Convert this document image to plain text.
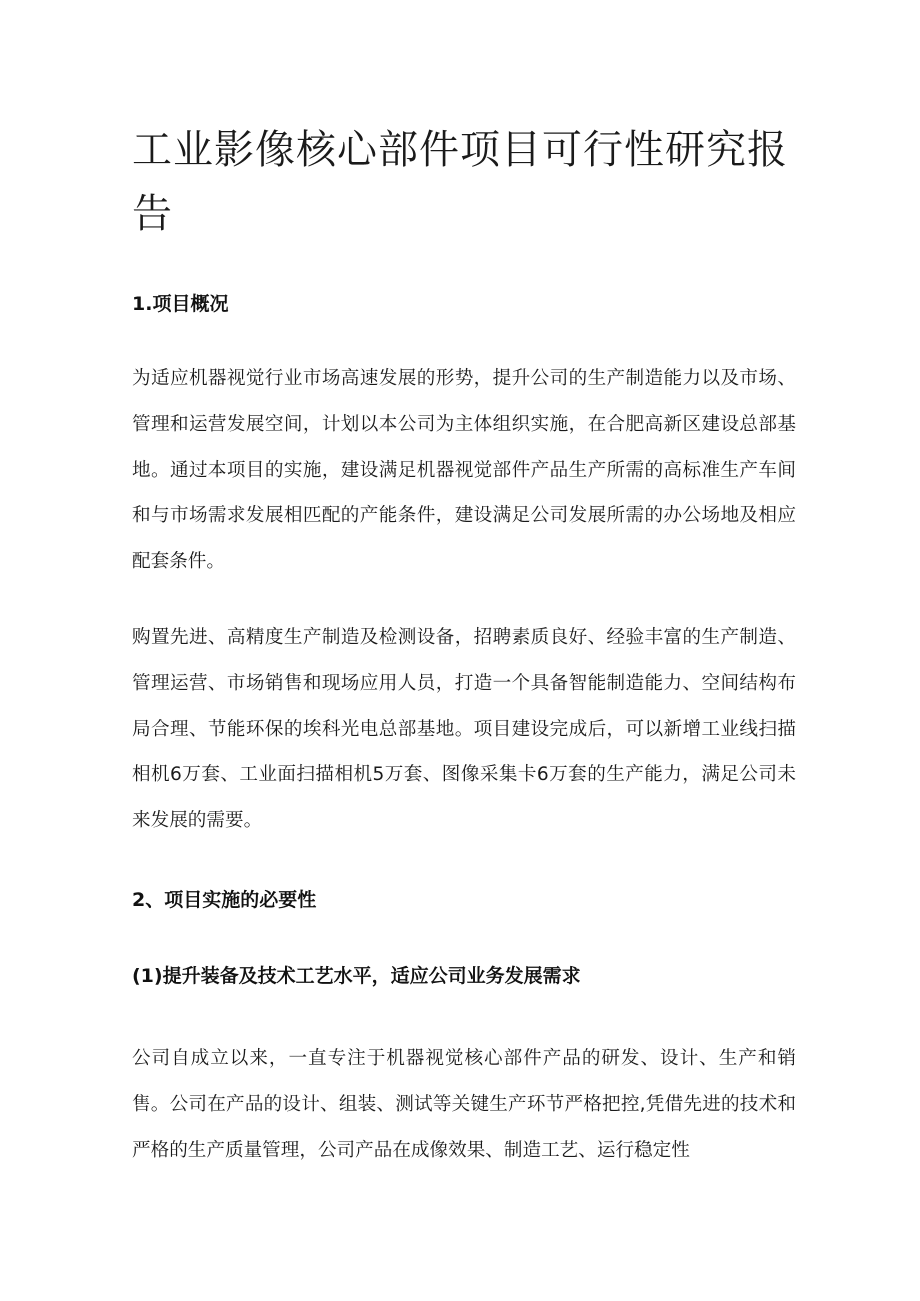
工业影像核心部件项目可行性研究报告
1.项目概况

为适应机器视觉行业市场高速发展的形势，提升公司的生产制造能力以及市场、管理和运营发展空间，计划以本公司为主体组织实施，在合肥高新区建设总部基地。通过本项目的实施，建设满足机器视觉部件产品生产所需的高标准生产车间和与市场需求发展相匹配的产能条件，建设满足公司发展所需的办公场地及相应配套条件。

购置先进、高精度生产制造及检测设备，招聘素质良好、经验丰富的生产制造、管理运营、市场销售和现场应用人员，打造一个具备智能制造能力、空间结构布局合理、节能环保的埃科光电总部基地。项目建设完成后，可以新增工业线扫描相机6万套、工业面扫描相机5万套、图像采集卡6万套的生产能力，满足公司未来发展的需要。

2、项目实施的必要性
(1)提升装备及技术工艺水平，适应公司业务发展需求

公司自成立以来，一直专注于机器视觉核心部件产品的研发、设计、生产和销售。公司在产品的设计、组装、测试等关键生产环节严格把控,凭借先进的技术和严格的生产质量管理，公司产品在成像效果、制造工艺、运行稳定性
